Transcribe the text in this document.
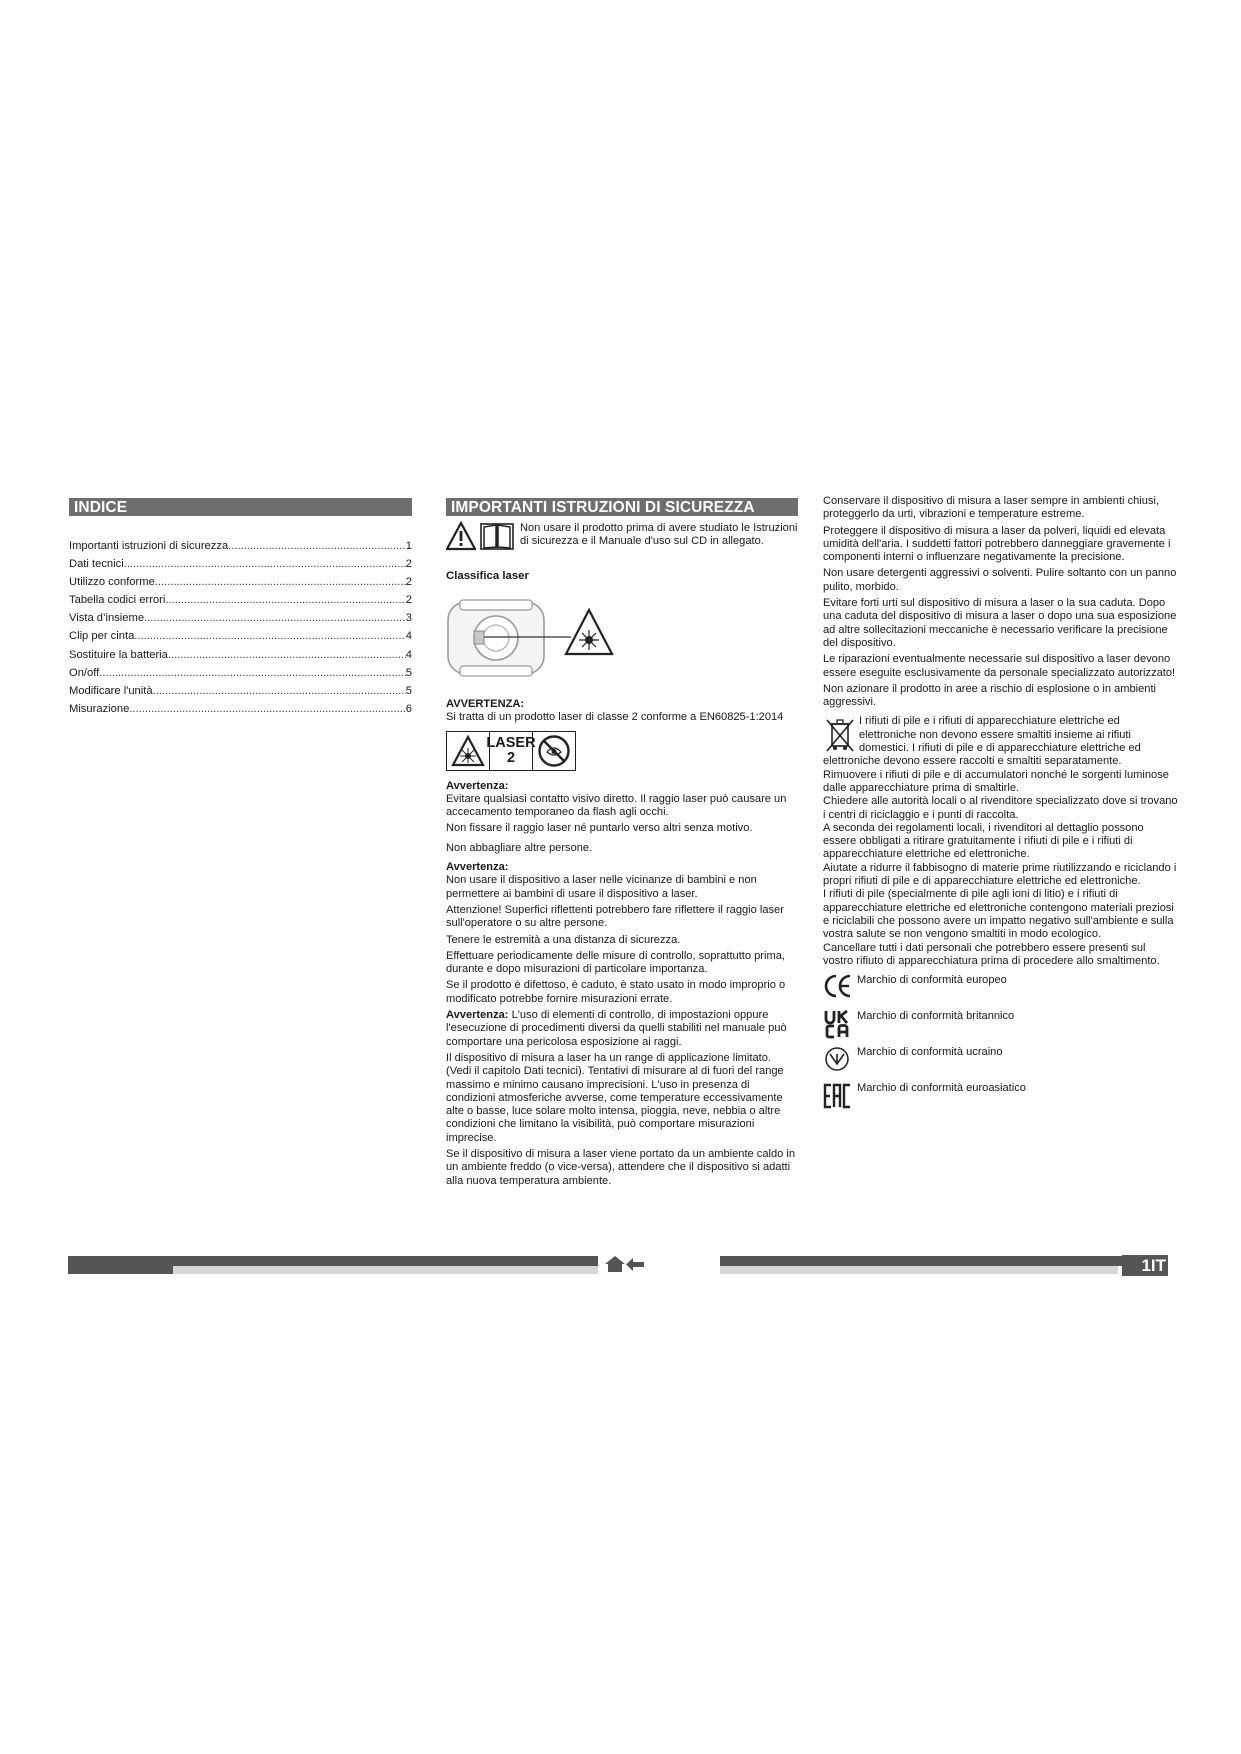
INDICE
Importanti istruzioni di sicurezza .....	1
Dati tecnici .....	2
Utilizzo conforme .....	2
Tabella codici errori .....	2
Vista d’insieme .....	3
Clip per cinta .....	4
Sostituire la batteria .....	4
On/off .....	5
Modificare l'unità .....	5
Misurazione .....	6
IMPORTANTI ISTRUZIONI DI SICUREZZA

Non usare il prodotto prima di avere studiato le Istruzioni di sicurezza e il Manuale d'uso sul CD in allegato.

Classifica laser

AVVERTENZA:

Si tratta di un prodotto laser di classe 2 conforme a EN60825-1:2014

LASER
2

Avvertenza:

Evitare qualsiasi contatto visivo diretto. Il raggio laser può causare un accecamento temporaneo da flash agli occhi.

Non fissare il raggio laser né puntarlo verso altri senza motivo.

Non abbagliare altre persone.

Avvertenza:

Non usare il dispositivo a laser nelle vicinanze di bambini e non permettere ai bambini di usare il dispositivo a laser.

Attenzione! Superfici riflettenti potrebbero fare riflettere il raggio laser sull'operatore o su altre persone.

Tenere le estremità a una distanza di sicurezza.

Effettuare periodicamente delle misure di controllo, soprattutto prima, durante e dopo misurazioni di particolare importanza.

Se il prodotto è difettoso, è caduto, è stato usato in modo improprio o modificato potrebbe fornire misurazioni errate.

Avvertenza: L'uso di elementi di controllo, di impostazioni oppure l'esecuzione di procedimenti diversi da quelli stabiliti nel manuale può comportare una pericolosa esposizione ai raggi.

Il dispositivo di misura a laser ha un range di applicazione limitato. (Vedi il capitolo Dati tecnici). Tentativi di misurare al di fuori del range massimo e minimo causano imprecisioni. L'uso in presenza di condizioni atmosferiche avverse, come temperature eccessivamente alte o basse, luce solare molto intensa, pioggia, neve, nebbia o altre condizioni che limitano la visibilità, può comportare misurazioni imprecise.

Se il dispositivo di misura a laser viene portato da un ambiente caldo in un ambiente freddo (o vice-versa), attendere che il dispositivo si adatti alla nuova temperatura ambiente.

Conservare il dispositivo di misura a laser sempre in ambienti chiusi, proteggerlo da urti, vibrazioni e temperature estreme.

Proteggere il dispositivo di misura a laser da polveri, liquidi ed elevata umidità dell'aria. I suddetti fattori potrebbero danneggiare gravemente i componenti interni o influenzare negativamente la precisione.

Non usare detergenti aggressivi o solventi. Pulire soltanto con un panno pulito, morbido.

Evitare forti urti sul dispositivo di misura a laser o la sua caduta. Dopo una caduta del dispositivo di misura a laser o dopo una sua esposizione ad altre sollecitazioni meccaniche è necessario verificare la precisione del dispositivo.

Le riparazioni eventualmente necessarie sul dispositivo a laser devono essere eseguite esclusivamente da personale specializzato autorizzato!

Non azionare il prodotto in aree a rischio di esplosione o in ambienti aggressivi.

I rifiuti di pile e i rifiuti di apparecchiature elettriche ed elettroniche non devono essere smaltiti insieme ai rifiuti domestici. I rifiuti di pile e di apparecchiature elettriche ed elettroniche devono essere raccolti e smaltiti separatamente.

Rimuovere i rifiuti di pile e di accumulatori nonché le sorgenti luminose dalle apparecchiature prima di smaltirle.

Chiedere alle autorità locali o al rivenditore specializzato dove si trovano i centri di riciclaggio e i punti di raccolta.

A seconda dei regolamenti locali, i rivenditori al dettaglio possono essere obbligati a ritirare gratuitamente i rifiuti di pile e i rifiuti di apparecchiature elettriche ed elettroniche.

Aiutate a ridurre il fabbisogno di materie prime riutilizzando e riciclando i propri rifiuti di pile e di apparecchiature elettriche ed elettroniche.

I rifiuti di pile (specialmente di pile agli ioni di litio) e i rifiuti di apparecchiature elettriche ed elettroniche contengono materiali preziosi e riciclabili che possono avere un impatto negativo sull'ambiente e sulla vostra salute se non vengono smaltiti in modo ecologico.

Cancellare tutti i dati personali che potrebbero essere presenti sul vostro rifiuto di apparecchiatura prima di procedere allo smaltimento.

Marchio di conformità europeo

Marchio di conformità britannico

Marchio di conformità ucraino

Marchio di conformità euroasiatico

1IT
